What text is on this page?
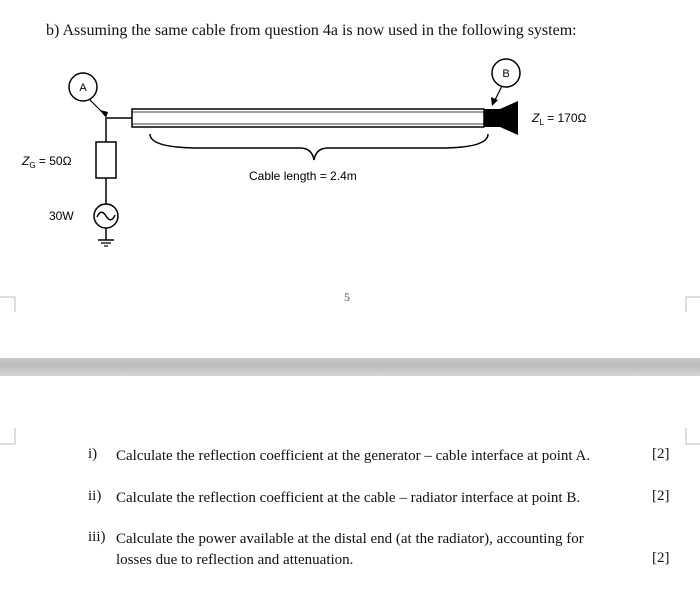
b) Assuming the same cable from question 4a is now used in the following system:
A
B
$Z_G = 50\Omega$
$Z_L = 170\Omega$
Cable length = 2.4m
30W
5
i) Calculate the reflection coefficient at the generator – cable interface at point A.	[2]
ii) Calculate the reflection coefficient at the cable – radiator interface at point B.	[2]
iii) Calculate the power available at the distal end (at the radiator), accounting for
losses due to reflection and attenuation.	[2]
